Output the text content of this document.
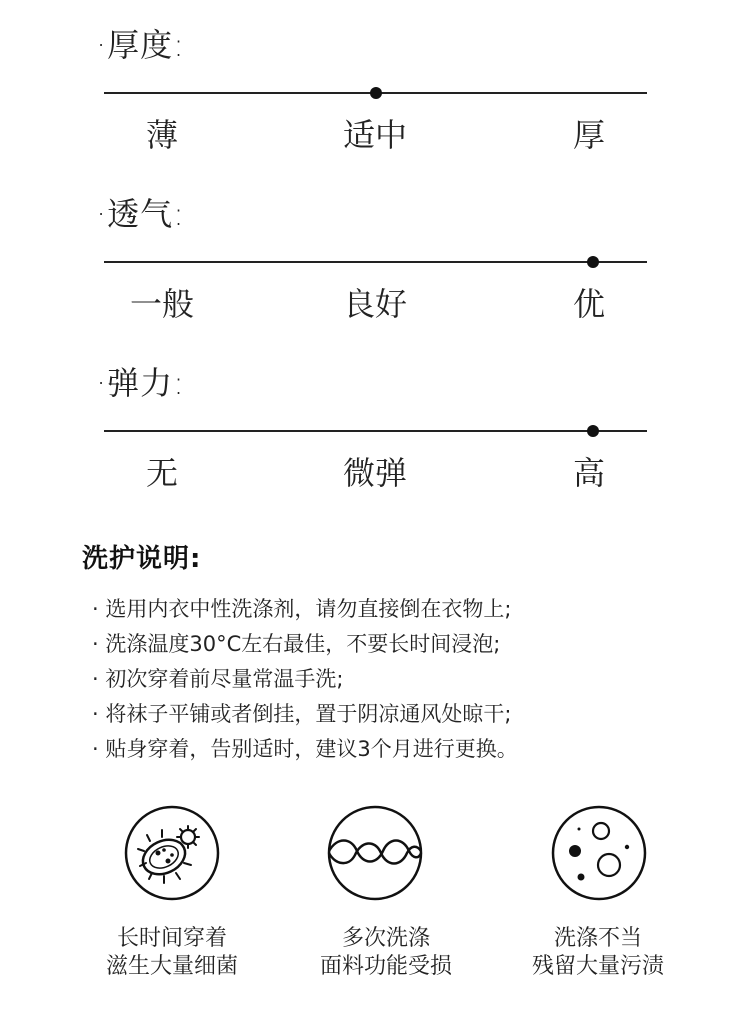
·厚度:
薄	适中	厚
·透气:
一般	良好	优
·弹力:
无	微弹	高
洗护说明:
· 选用内衣中性洗涤剂，请勿直接倒在衣物上;
· 洗涤温度30°C左右最佳，不要长时间浸泡;
· 初次穿着前尽量常温手洗;
· 将袜子平铺或者倒挂，置于阴凉通风处晾干;
· 贴身穿着，告别适时，建议3个月进行更换。
长时间穿着
滋生大量细菌
多次洗涤
面料功能受损
洗涤不当
残留大量污渍
